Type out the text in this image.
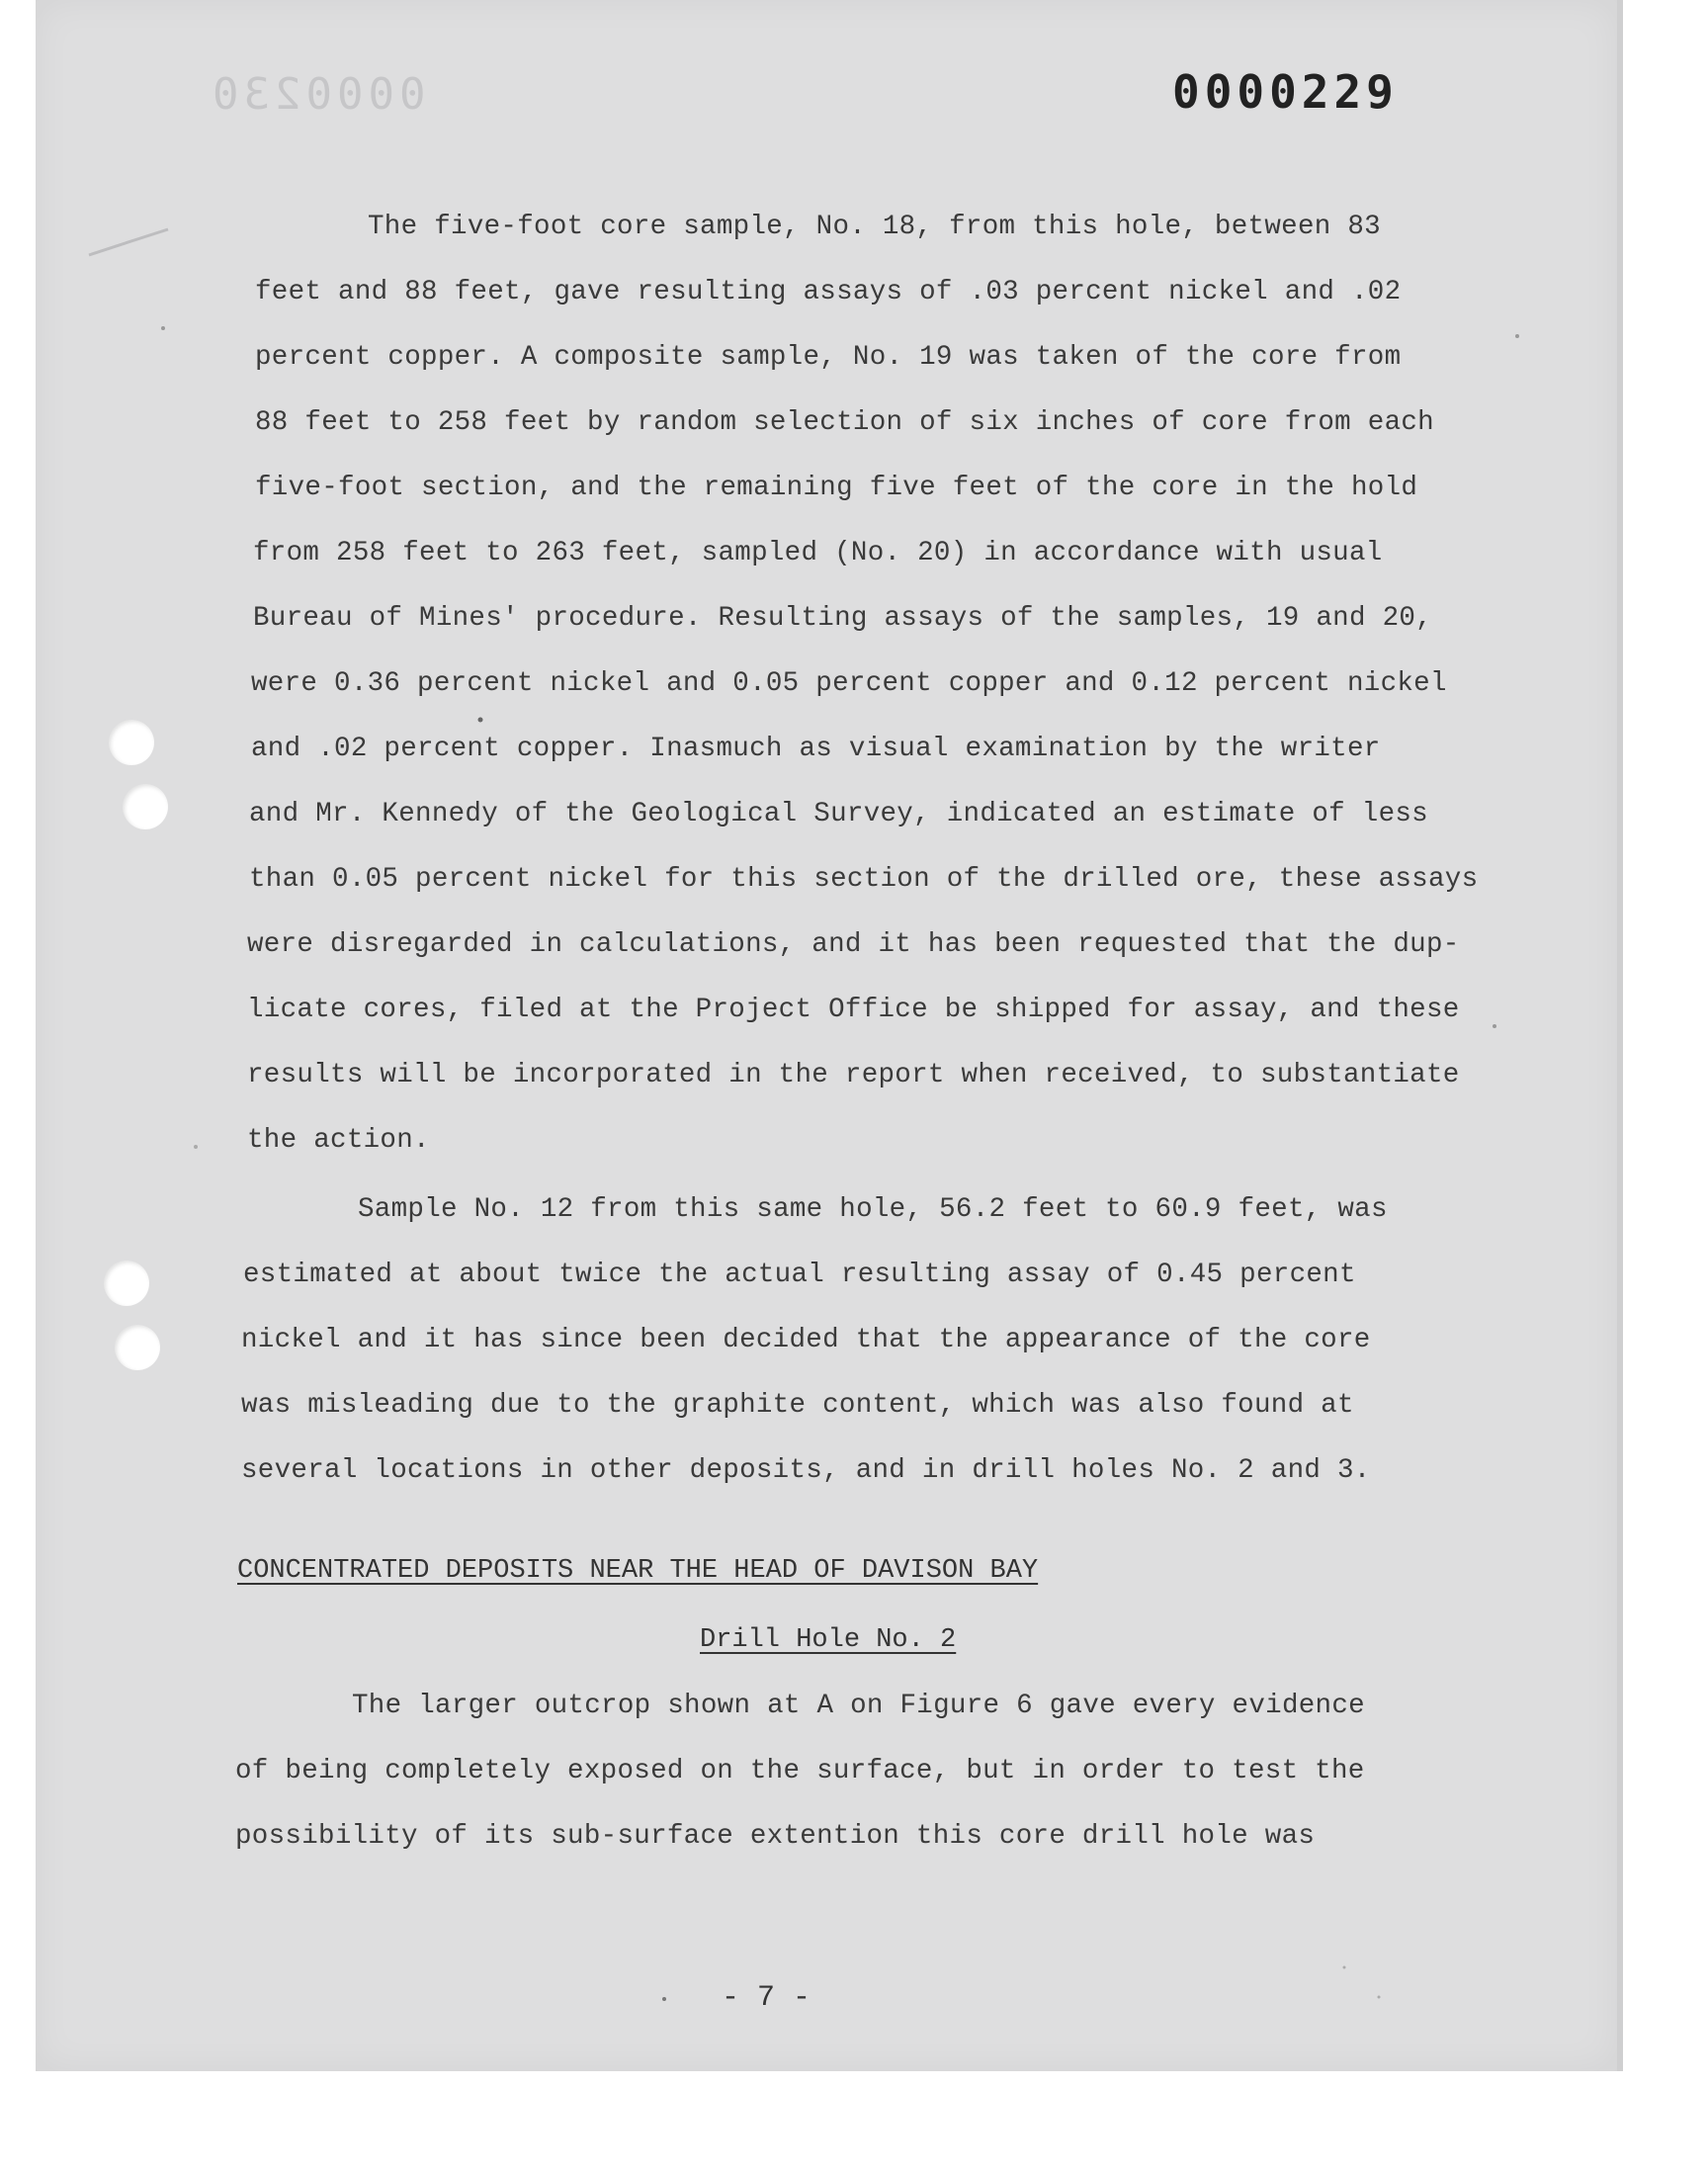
0000230	0000229
The five-foot core sample, No. 18, from this hole, between 83
feet and 88 feet, gave resulting assays of .03 percent nickel and .02
percent copper. A composite sample, No. 19 was taken of the core from
88 feet to 258 feet by random selection of six inches of core from each
five-foot section, and the remaining five feet of the core in the hold
from 258 feet to 263 feet, sampled (No. 20) in accordance with usual
Bureau of Mines' procedure. Resulting assays of the samples, 19 and 20,
were 0.36 percent nickel and 0.05 percent copper and 0.12 percent nickel
and .02 percent copper. Inasmuch as visual examination by the writer
and Mr. Kennedy of the Geological Survey, indicated an estimate of less
than 0.05 percent nickel for this section of the drilled ore, these assays
were disregarded in calculations, and it has been requested that the dup-
licate cores, filed at the Project Office be shipped for assay, and these
results will be incorporated in the report when received, to substantiate
the action.
Sample No. 12 from this same hole, 56.2 feet to 60.9 feet, was
estimated at about twice the actual resulting assay of 0.45 percent
nickel and it has since been decided that the appearance of the core
was misleading due to the graphite content, which was also found at
several locations in other deposits, and in drill holes No. 2 and 3.
CONCENTRATED DEPOSITS NEAR THE HEAD OF DAVISON BAY
Drill Hole No. 2
The larger outcrop shown at A on Figure 6 gave every evidence
of being completely exposed on the surface, but in order to test the
possibility of its sub-surface extention this core drill hole was
- 7 -
